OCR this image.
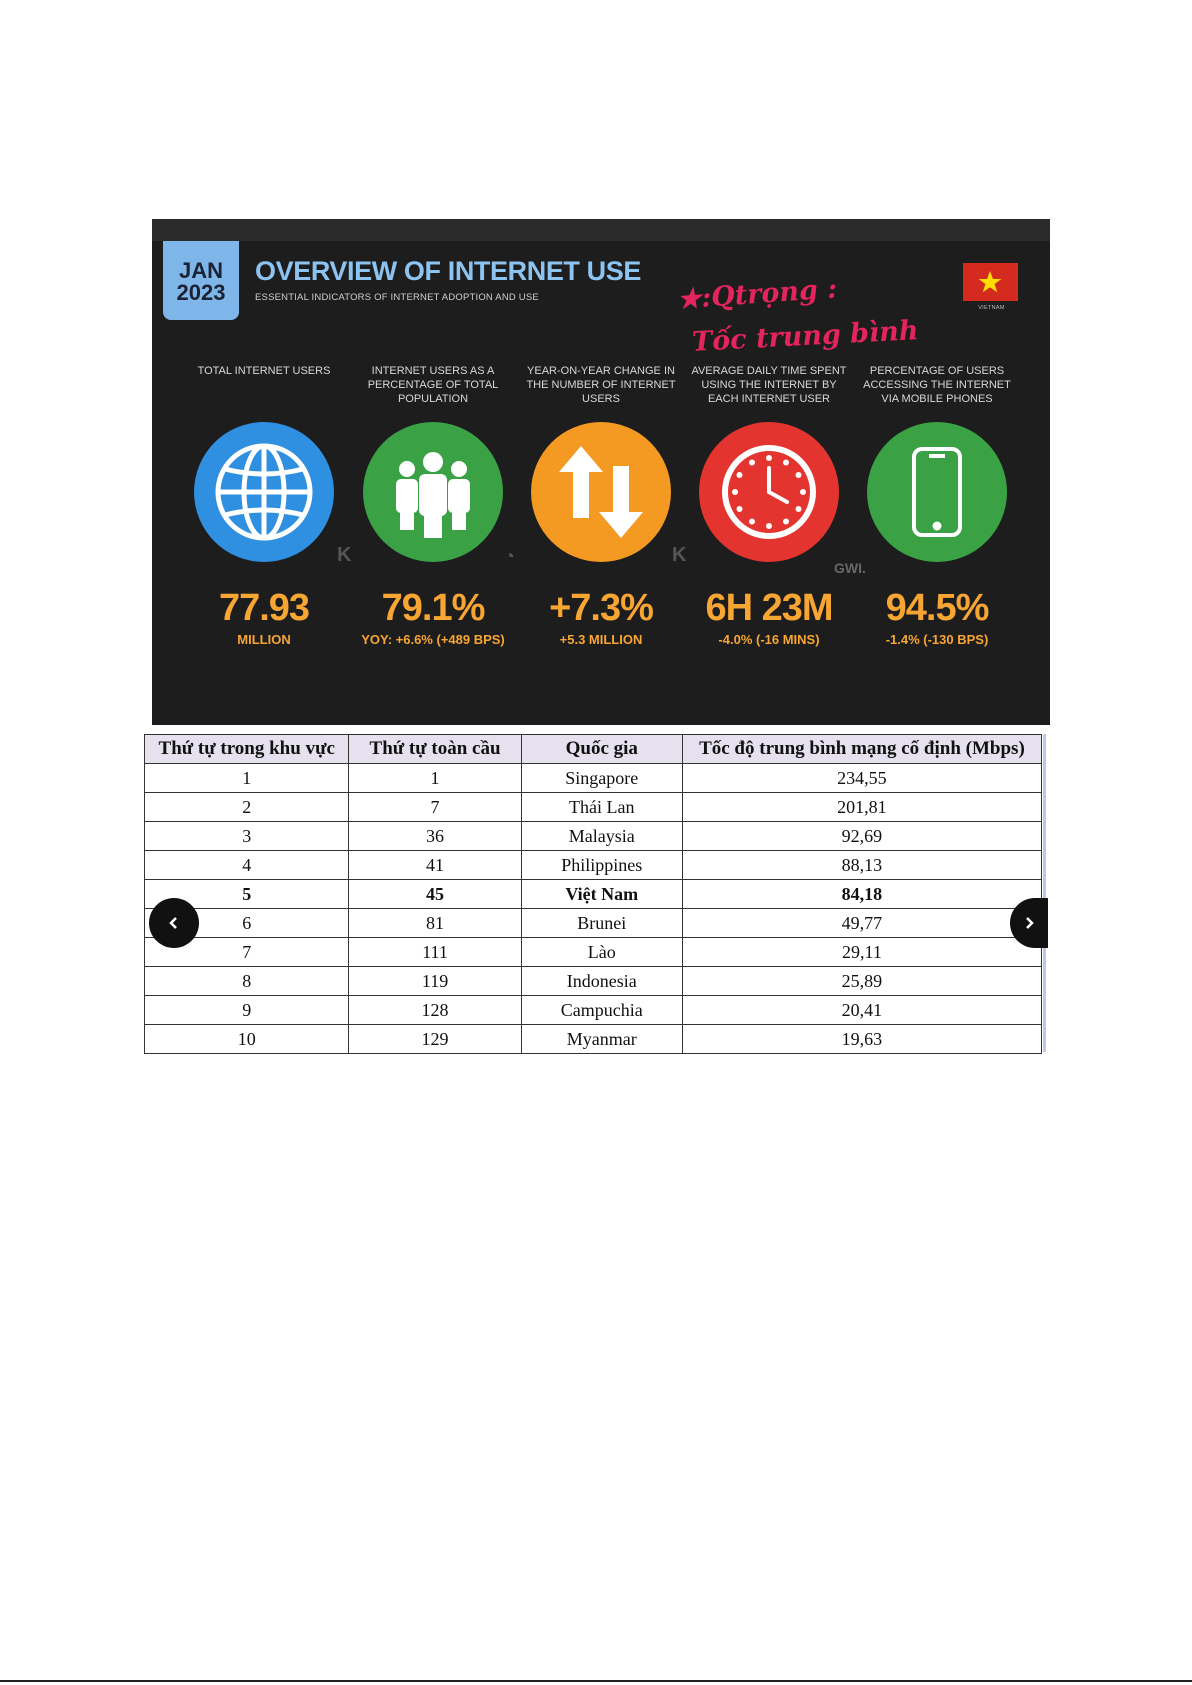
JAN
2023
OVERVIEW OF INTERNET USE
ESSENTIAL INDICATORS OF INTERNET ADOPTION AND USE
VIETNAM
★:Qtrọng :
Tốc trung bình
TOTAL INTERNET USERS
77.93
MILLION
INTERNET USERS AS A PERCENTAGE OF TOTAL POPULATION
79.1%
YOY: +6.6% (+489 BPS)
YEAR-ON-YEAR CHANGE IN THE NUMBER OF INTERNET USERS
+7.3%
+5.3 MILLION
AVERAGE DAILY TIME SPENT USING THE INTERNET BY EACH INTERNET USER
6H 23M
-4.0% (-16 MINS)
PERCENTAGE OF USERS ACCESSING THE INTERNET VIA MOBILE PHONES
94.5%
-1.4% (-130 BPS)
K	◔	K
GWI.
Thứ tự trong khu vực	Thứ tự toàn cầu	Quốc gia	Tốc độ trung bình mạng cố định (Mbps)
1	1	Singapore	234,55
2	7	Thái Lan	201,81
3	36	Malaysia	92,69
4	41	Philippines	88,13
5	45	Việt Nam	84,18
6	81	Brunei	49,77
7	111	Lào	29,11
8	119	Indonesia	25,89
9	128	Campuchia	20,41
10	129	Myanmar	19,63
